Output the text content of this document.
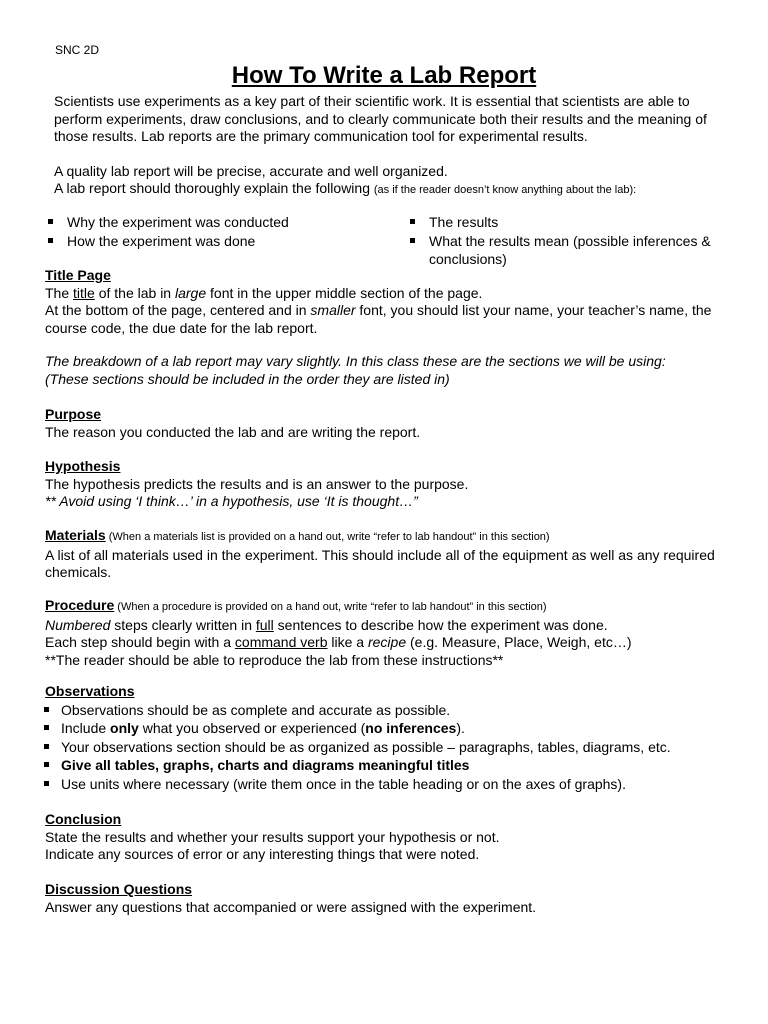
SNC 2D
How To Write a Lab Report
Scientists use experiments as a key part of their scientific work. It is essential that scientists are able to perform experiments, draw conclusions, and to clearly communicate both their results and the meaning of those results. Lab reports are the primary communication tool for experimental results.
A quality lab report will be precise, accurate and well organized.
A lab report should thoroughly explain the following (as if the reader doesn’t know anything about the lab):
Why the experiment was conducted
How the experiment was done
The results
What the results mean (possible inferences & conclusions)
Title Page
The title of the lab in large font in the upper middle section of the page.
At the bottom of the page, centered and in smaller font, you should list your name, your teacher’s name, the course code, the due date for the lab report.
The breakdown of a lab report may vary slightly. In this class these are the sections we will be using:
(These sections should be included in the order they are listed in)
Purpose
The reason you conducted the lab and are writing the report.
Hypothesis
The hypothesis predicts the results and is an answer to the purpose.
** Avoid using ‘I think…’ in a hypothesis, use ‘It is thought…”
Materials (When a materials list is provided on a hand out, write “refer to lab handout” in this section)
A list of all materials used in the experiment. This should include all of the equipment as well as any required chemicals.
Procedure (When a procedure is provided on a hand out, write “refer to lab handout” in this section)
Numbered steps clearly written in full sentences to describe how the experiment was done.
Each step should begin with a command verb like a recipe (e.g. Measure, Place, Weigh, etc…)
**The reader should be able to reproduce the lab from these instructions**
Observations
Observations should be as complete and accurate as possible.
Include only what you observed or experienced (no inferences).
Your observations section should be as organized as possible – paragraphs, tables, diagrams, etc.
Give all tables, graphs, charts and diagrams meaningful titles
Use units where necessary (write them once in the table heading or on the axes of graphs).
Conclusion
State the results and whether your results support your hypothesis or not.
Indicate any sources of error or any interesting things that were noted.
Discussion Questions
Answer any questions that accompanied or were assigned with the experiment.
